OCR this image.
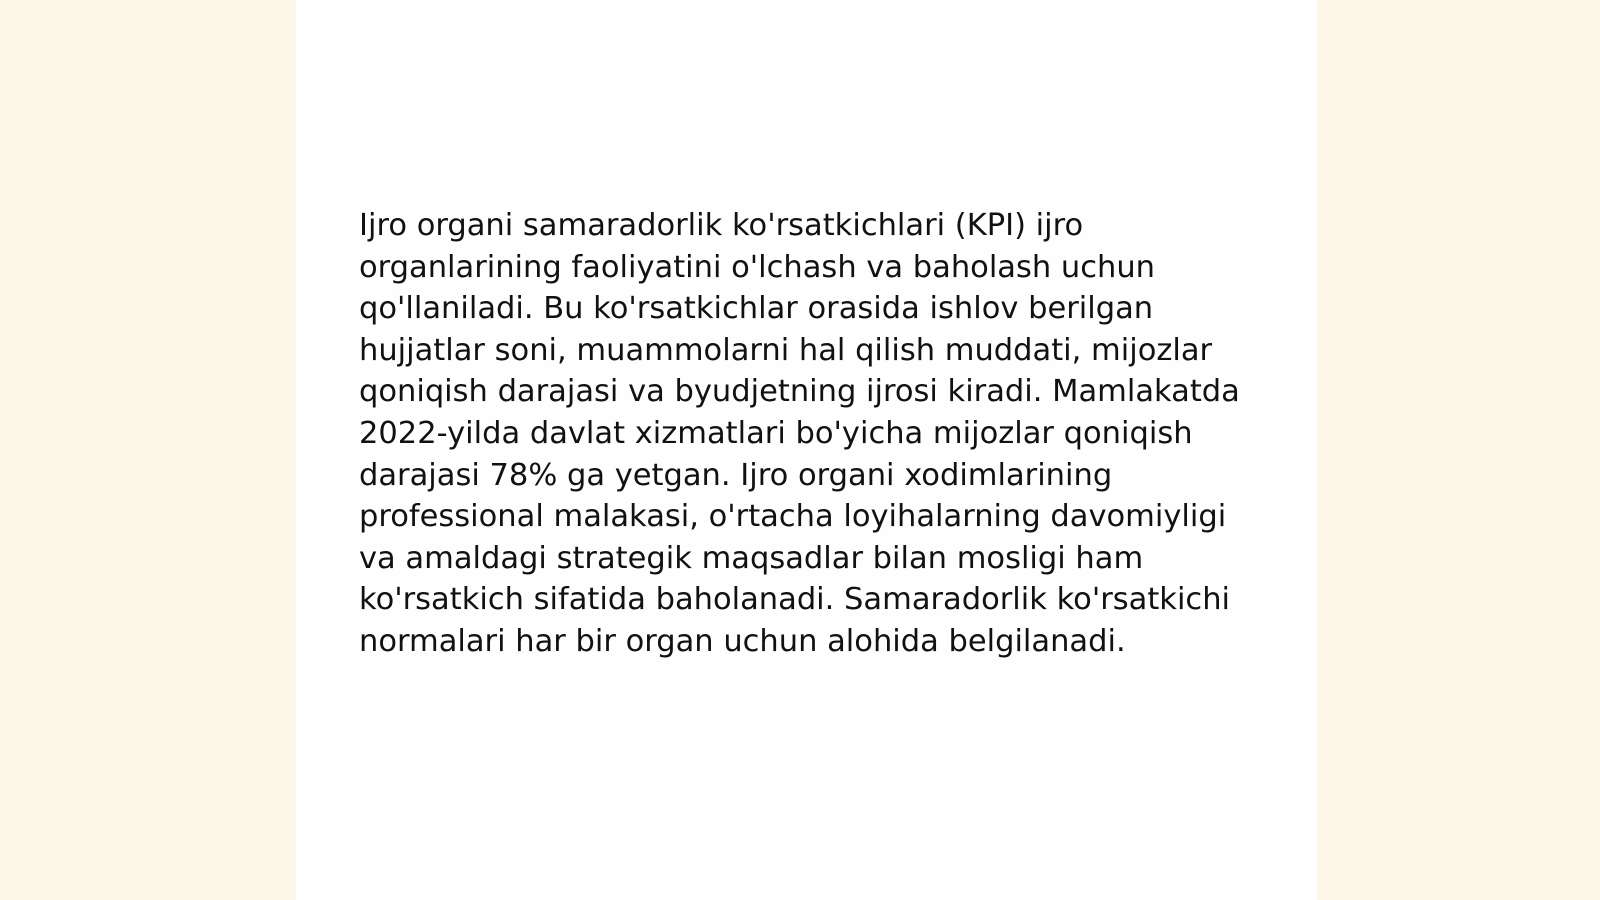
Ijro organi samaradorlik ko'rsatkichlari (KPI) ijro organlarining faoliyatini o'lchash va baholash uchun qo'llaniladi. Bu ko'rsatkichlar orasida ishlov berilgan hujjatlar soni, muammolarni hal qilish muddati, mijozlar qoniqish darajasi va byudjetning ijrosi kiradi. Mamlakatda 2022-yilda davlat xizmatlari bo'yicha mijozlar qoniqish darajasi 78% ga yetgan. Ijro organi xodimlarining professional malakasi, o'rtacha loyihalarning davomiyligi va amaldagi strategik maqsadlar bilan mosligi ham ko'rsatkich sifatida baholanadi. Samaradorlik ko'rsatkichi normalari har bir organ uchun alohida belgilanadi.
